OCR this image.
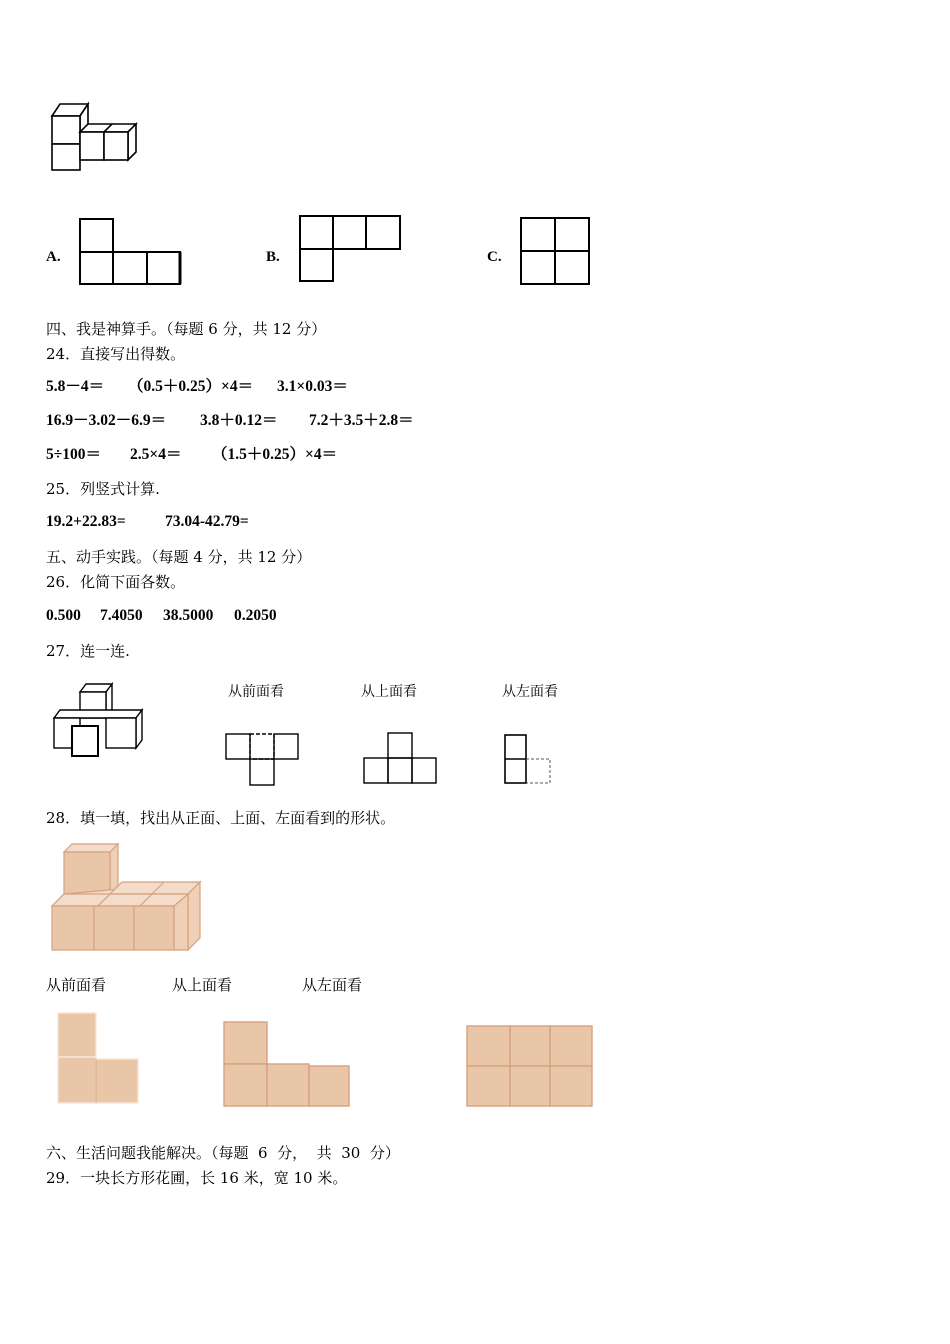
A.	B.	C.
四、我是神算手。（每题 6 分，共 12 分）
24．直接写出得数。
5.8－4＝ （0.5＋0.25）×4＝ 3.1×0.03＝
16.9－3.02－6.9＝ 3.8＋0.12＝ 7.2＋3.5＋2.8＝
5÷100＝ 2.5×4＝ （1.5＋0.25）×4＝
25．列竖式计算.
19.2+22.83=	73.04-42.79=
五、动手实践。（每题 4 分，共 12 分）
26．化简下面各数。
0.500 7.4050 38.5000 0.2050
27．连一连.
从前面看	从上面看	从左面看
28．填一填，找出从正面、上面、左面看到的形状。
从前面看	从上面看	从左面看
六、生活问题我能解决。（每题  6  分，  共  30  分）
29．一块长方形花圃，长 16 米，宽 10 米。
